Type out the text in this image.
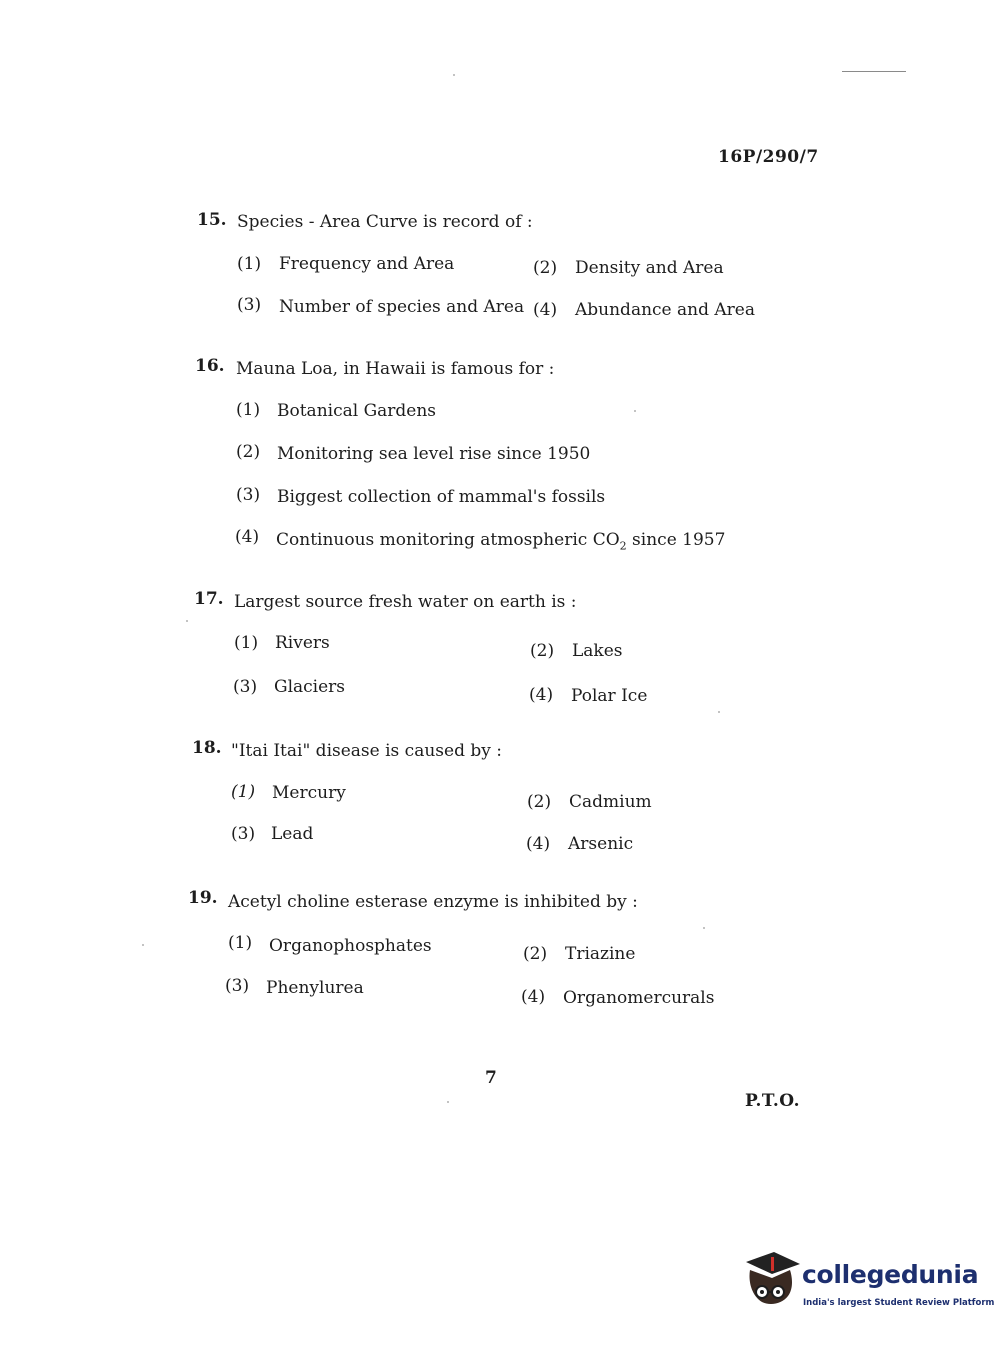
16P/290/7
15. Species - Area Curve is record of :
(1) Frequency and Area	(2) Density and Area
(3) Number of species and Area (4) Abundance and Area
16. Mauna Loa, in Hawaii is famous for :
(1) Botanical Gardens
(2) Monitoring sea level rise since 1950
(3) Biggest collection of mammal's fossils
(4) Continuous monitoring atmospheric $CO_2$ since 1957
17. Largest source fresh water on earth is :
(1) Rivers	(2) Lakes
(3) Glaciers	(4) Polar Ice
18. "Itai Itai" disease is caused by :
(1) Mercury	(2) Cadmium
(3) Lead	(4) Arsenic
19. Acetyl choline esterase enzyme is inhibited by :
(1) Organophosphates	(2) Triazine
(3) Phenylurea	(4) Organomercurals
7
P.T.O.
collegedunia
India's largest Student Review Platform
